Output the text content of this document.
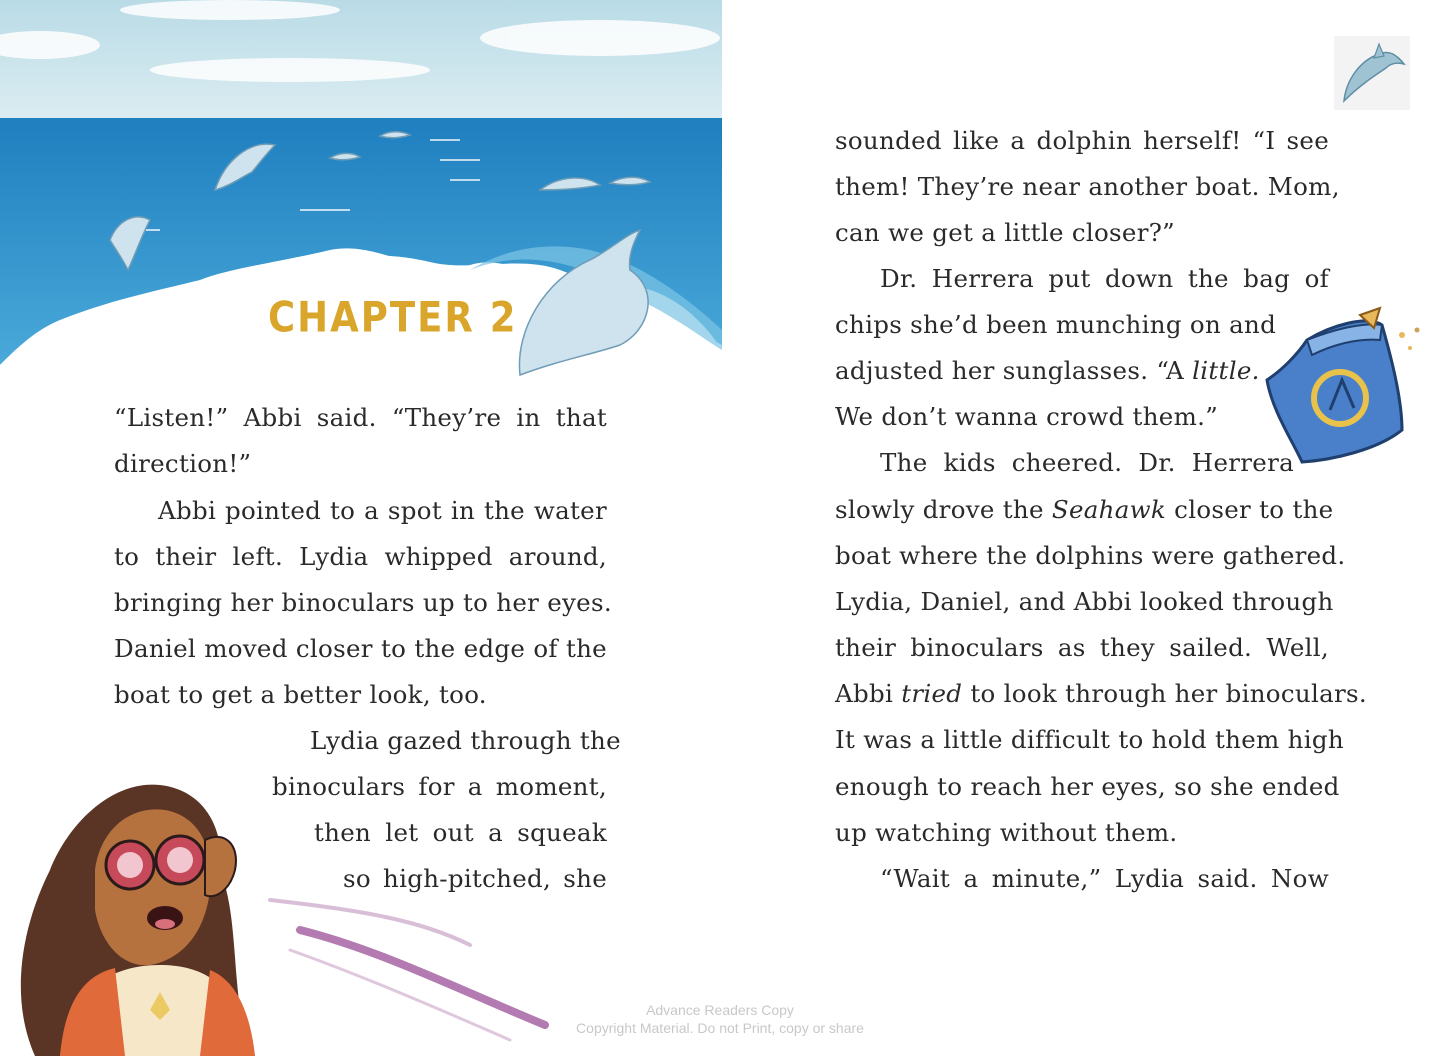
CHAPTER 2
“Listen!” Abbi said. “They’re in that
direction!”
Abbi pointed to a spot in the water
to their left. Lydia whipped around,
bringing her binoculars up to her eyes.
Daniel moved closer to the edge of the
boat to get a better look, too.
Lydia gazed through the
binoculars for a moment,
then let out a squeak
so high-pitched, she
sounded like a dolphin herself! “I see
them! They’re near another boat. Mom,
can we get a little closer?”
Dr. Herrera put down the bag of
chips she’d been munching on and
adjusted her sunglasses. “A little.
We don’t wanna crowd them.”
The kids cheered. Dr. Herrera
slowly drove the Seahawk closer to the
boat where the dolphins were gathered.
Lydia, Daniel, and Abbi looked through
their binoculars as they sailed. Well,
Abbi tried to look through her binoculars.
It was a little difficult to hold them high
enough to reach her eyes, so she ended
up watching without them.
“Wait a minute,” Lydia said. Now
Advance Readers Copy
Copyright Material. Do not Print, copy or share
